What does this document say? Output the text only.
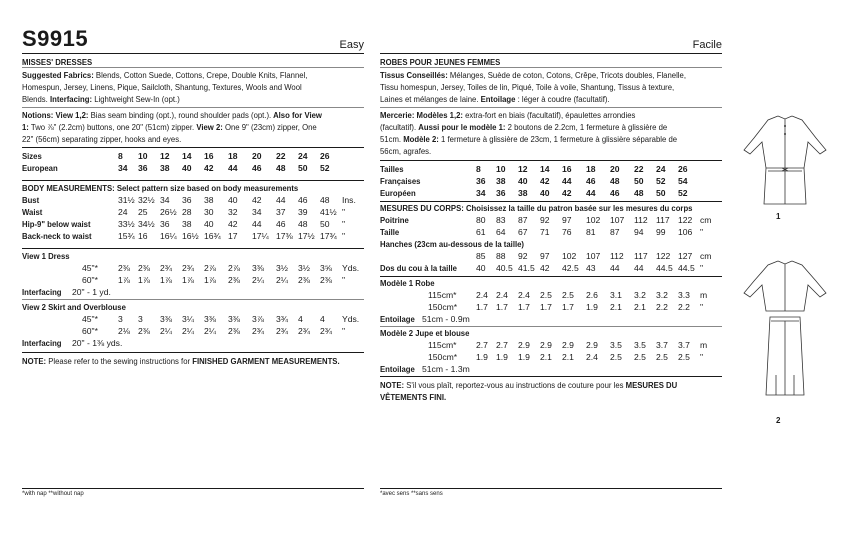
S9915	Easy
MISSES' DRESSES
Suggested Fabrics: Blends, Cotton Suede, Cottons, Crepe, Double Knits, Flannel,
Homespun, Jersey, Linens, Pique, Sailcloth, Shantung, Textures, Wools and Wool
Blends. Interfacing: Lightweight Sew-In (opt.)
Notions: View 1,2: Bias seam binding (opt.), round shoulder pads (opt.). Also for View
1: Two ⅞" (2.2cm) buttons, one 20" (51cm) zipper. View 2: One 9" (23cm) zipper, One
22" (56cm) separating zipper, hooks and eyes.
Sizes	8 10 12 14 16 18 20 22 24 26
European	34 36 38 40 42 44 46 48 50 52
BODY MEASUREMENTS: Select pattern size based on body measurements
Bust	31½ 32½ 34 36 38 40 42 44 46 48 Ins.
Waist	24 25 26½ 28 30 32 34 37 39 41½ "
Hip-9" below waist	33½ 34½ 36 38 40 42 44 46 48 50 "
Back-neck to waist	15¾ 16 16¼ 16½ 16¾ 17 17¼ 17⅜ 17½ 17¾ "
View 1 Dress
45"* 2⅜ 2⅜ 2¾ 2¾ 2⅞ 2⅞ 3⅜ 3½ 3½ 3⅝ Yds.
60"* 1⅞ 1⅞ 1⅞ 1⅞ 1⅞ 2⅜ 2¼ 2¼ 2⅜ 2⅜ "
Interfacing 20" - 1 yd.
View 2 Skirt and Overblouse
45"* 3 3 3⅜ 3¼ 3⅜ 3⅜ 3⅞ 3¾ 4 4 Yds.
60"* 2⅛ 2⅜ 2¼ 2¼ 2¼ 2⅜ 2¾ 2¾ 2¾ 2¾ "
Interfacing 20" - 1⅜ yds.
NOTE: Please refer to the sewing instructions for FINISHED GARMENT MEASUREMENTS.
*with nap **without nap
Facile
ROBES POUR JEUNES FEMMES
Tissus Conseillés: Mélanges, Suède de coton, Cotons, Crêpe, Tricots doubles, Flanelle,
Tissu homespun, Jersey, Toiles de lin, Piqué, Toile à voile, Shantung, Tissus à texture,
Laines et mélanges de laine. Entoilage : léger à coudre (facultatif).
Mercerie: Modèles 1,2: extra-fort en biais (facultatif), épaulettes arrondies
(facultatif). Aussi pour le modèle 1: 2 boutons de 2.2cm, 1 fermeture à glissière de
51cm. Modèle 2: 1 fermeture à glissière de 23cm, 1 fermeture à glissière séparable de
56cm, agrafes.
Tailles	8 10 12 14 16 18 20 22 24 26
Françaises	36 38 40 42 44 46 48 50 52 54
Européen	34 36 38 40 42 44 46 48 50 52
MESURES DU CORPS: Choisissez la taille du patron basée sur les mesures du corps
Poitrine	80 83 87 92 97 102 107 112 117 122 cm
Taille	61 64 67 71 76 81 87 94 99 106 "
Hanches (23cm au-dessous de la taille)
85 88 92 97 102 107 112 117 122 127 cm
Dos du cou à la taille 40 40.5 41.5 42 42.5 43 44 44 44.5 44.5 "
Modèle 1 Robe
115cm* 2.4 2.4 2.4 2.5 2.5 2.6 3.1 3.2 3.2 3.3 m
150cm* 1.7 1.7 1.7 1.7 1.7 1.9 2.1 2.1 2.2 2.2 "
Entoilage 51cm - 0.9m
Modèle 2 Jupe et blouse
115cm* 2.7 2.7 2.9 2.9 2.9 2.9 3.5 3.5 3.7 3.7 m
150cm* 1.9 1.9 1.9 2.1 2.1 2.4 2.5 2.5 2.5 2.5 "
Entoilage 51cm - 1.3m
NOTE: S'il vous plaît, reportez-vous au instructions de couture pour les MESURES DU
VÊTEMENTS FINI.
*avec sens **sans sens
1
2
